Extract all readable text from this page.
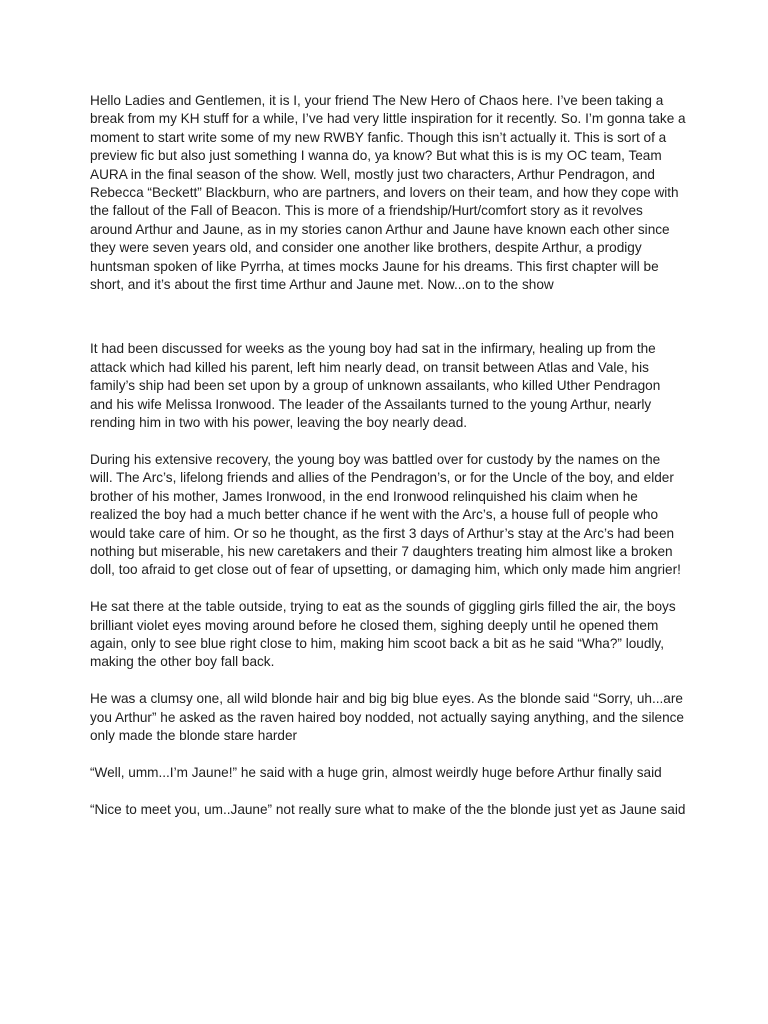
Hello Ladies and Gentlemen, it is I, your friend The New Hero of Chaos here. I’ve been taking a break from my KH stuff for a while, I’ve had very little inspiration for it recently. So. I’m gonna take a moment to start write some of my new RWBY fanfic. Though this isn’t actually it. This is sort of a preview fic but also just something I wanna do, ya know? But what this is is my OC team, Team AURA in the final season of the show. Well, mostly just two characters, Arthur Pendragon, and Rebecca “Beckett” Blackburn, who are partners, and lovers on their team, and how they cope with the fallout of the Fall of Beacon. This is more of a friendship/Hurt/comfort story as it revolves around Arthur and Jaune, as in my stories canon Arthur and Jaune have known each other since they were seven years old, and consider one another like brothers, despite Arthur, a prodigy huntsman spoken of like Pyrrha, at times mocks Jaune for his dreams. This first chapter will be short, and it’s about the first time Arthur and Jaune met. Now...on to the show

It had been discussed for weeks as the young boy had sat in the infirmary, healing up from the attack which had killed his parent, left him nearly dead, on transit between Atlas and Vale, his family’s ship had been set upon by a group of unknown assailants, who killed Uther Pendragon and his wife Melissa Ironwood. The leader of the Assailants turned to the young Arthur, nearly rending him in two with his power, leaving the boy nearly dead.

During his extensive recovery, the young boy was battled over for custody by the names on the will. The Arc’s, lifelong friends and allies of the Pendragon’s, or for the Uncle of the boy, and elder brother of his mother, James Ironwood, in the end Ironwood relinquished his claim when he realized the boy had a much better chance if he went with the Arc’s, a house full of people who would take care of him. Or so he thought, as the first 3 days of Arthur’s stay at the Arc’s had been nothing but miserable, his new caretakers and their 7 daughters treating him almost like a broken doll, too afraid to get close out of fear of upsetting, or damaging him, which only made him angrier!

He sat there at the table outside, trying to eat as the sounds of giggling girls filled the air, the boys brilliant violet eyes moving around before he closed them, sighing deeply until he opened them again, only to see blue right close to him, making him scoot back a bit as he said “Wha?” loudly, making the other boy fall back.

He was a clumsy one, all wild blonde hair and big big blue eyes. As the blonde said “Sorry, uh...are you Arthur” he asked as the raven haired boy nodded, not actually saying anything, and the silence only made the blonde stare harder

“Well, umm...I’m Jaune!” he said with a huge grin, almost weirdly huge before Arthur finally said

“Nice to meet you, um..Jaune” not really sure what to make of the the blonde just yet as Jaune said
